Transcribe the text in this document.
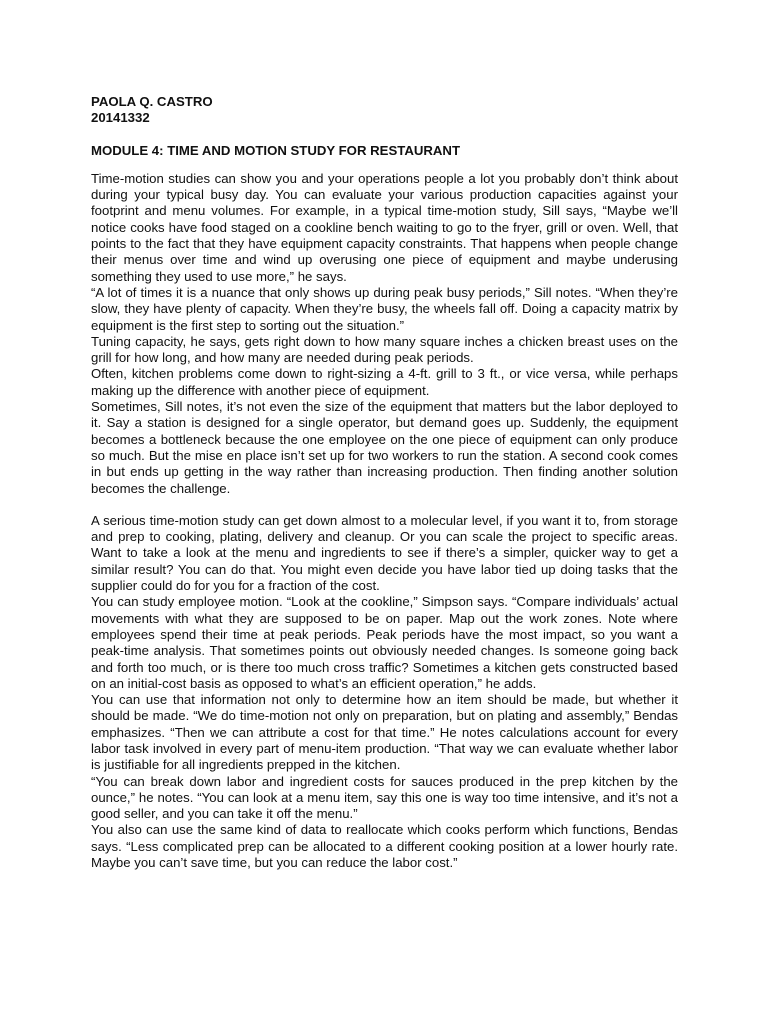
PAOLA Q. CASTRO

20141332

MODULE 4: TIME AND MOTION STUDY FOR RESTAURANT

Time-motion studies can show you and your operations people a lot you probably don’t think about during your typical busy day. You can evaluate your various production capacities against your footprint and menu volumes. For example, in a typical time-motion study, Sill says, “Maybe we’ll notice cooks have food staged on a cookline bench waiting to go to the fryer, grill or oven. Well, that points to the fact that they have equipment capacity constraints. That happens when people change their menus over time and wind up overusing one piece of equipment and maybe underusing something they used to use more,” he says.

“A lot of times it is a nuance that only shows up during peak busy periods,” Sill notes. “When they’re slow, they have plenty of capacity. When they’re busy, the wheels fall off. Doing a capacity matrix by equipment is the first step to sorting out the situation.”

Tuning capacity, he says, gets right down to how many square inches a chicken breast uses on the grill for how long, and how many are needed during peak periods.

Often, kitchen problems come down to right-sizing a 4-ft. grill to 3 ft., or vice versa, while perhaps making up the difference with another piece of equipment.

Sometimes, Sill notes, it’s not even the size of the equipment that matters but the labor deployed to it. Say a station is designed for a single operator, but demand goes up. Suddenly, the equipment becomes a bottleneck because the one employee on the one piece of equipment can only produce so much. But the mise en place isn’t set up for two workers to run the station. A second cook comes in but ends up getting in the way rather than increasing production. Then finding another solution becomes the challenge.

A serious time-motion study can get down almost to a molecular level, if you want it to, from storage and prep to cooking, plating, delivery and cleanup. Or you can scale the project to specific areas. Want to take a look at the menu and ingredients to see if there’s a simpler, quicker way to get a similar result? You can do that. You might even decide you have labor tied up doing tasks that the supplier could do for you for a fraction of the cost.

You can study employee motion. “Look at the cookline,” Simpson says. “Compare individuals’ actual movements with what they are supposed to be on paper. Map out the work zones. Note where employees spend their time at peak periods. Peak periods have the most impact, so you want a peak-time analysis. That sometimes points out obviously needed changes. Is someone going back and forth too much, or is there too much cross traffic? Sometimes a kitchen gets constructed based on an initial-cost basis as opposed to what’s an efficient operation,” he adds.

You can use that information not only to determine how an item should be made, but whether it should be made. “We do time-motion not only on preparation, but on plating and assembly,” Bendas emphasizes. “Then we can attribute a cost for that time.” He notes calculations account for every labor task involved in every part of menu-item production. “That way we can evaluate whether labor is justifiable for all ingredients prepped in the kitchen.

“You can break down labor and ingredient costs for sauces produced in the prep kitchen by the ounce,” he notes. “You can look at a menu item, say this one is way too time intensive, and it’s not a good seller, and you can take it off the menu.”

You also can use the same kind of data to reallocate which cooks perform which functions, Bendas says. “Less complicated prep can be allocated to a different cooking position at a lower hourly rate. Maybe you can’t save time, but you can reduce the labor cost.”
